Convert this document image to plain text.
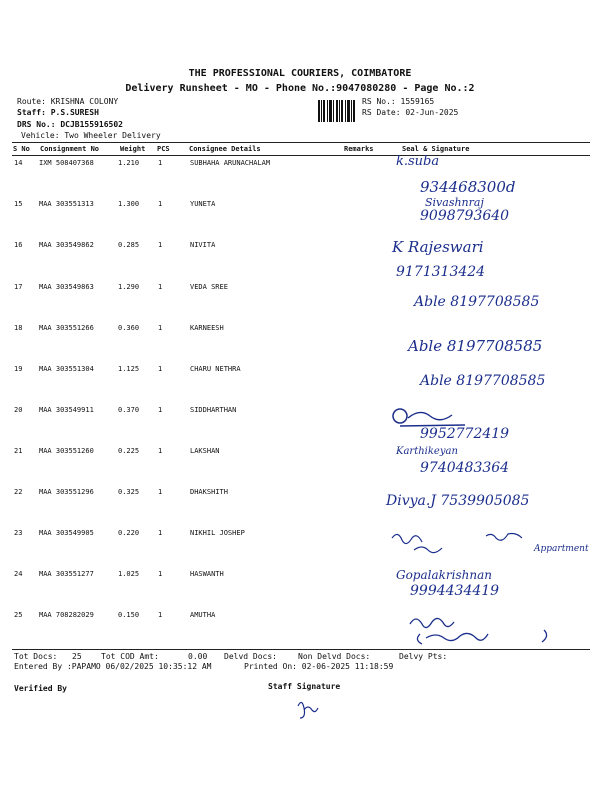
THE PROFESSIONAL COURIERS, COIMBATORE
Delivery Runsheet - MO - Phone No.:9047080280 - Page No.:2
Route: KRISHNA COLONY
Staff: P.S.SURESH
DRS No.: DCJB155916502
Vehicle: Two Wheeler Delivery
RS No.: 1559165
RS Date: 02-Jun-2025
S No Consignment No	Weight PCS	Consignee Details	Remarks	Seal & Signature
14 IXM 508407368	1.210	1	SUBHAHA ARUNACHALAM	k.suba
934468300d
15 MAA 303551313	1.300	1	YUNETA	Sivashnraj
9098793640
16 MAA 303549862	0.285	1	NIVITA	K Rajeswari
9171313424
17 MAA 303549863	1.290	1	VEDA SREE
Able 8197708585
18 MAA 303551266	0.360	1	KARNEESH
Able 8197708585
19 MAA 303551304	1.125	1	CHARU NETHRA
Able 8197708585
20 MAA 303549911	0.370	1	SIDDHARTHAN
9952772419
21 MAA 303551260	0.225	1	LAKSHAN	Karthikeyan
9740483364
22 MAA 303551296	0.325	1	DHAKSHITH
Divya.J 7539905085
23 MAA 303549905	0.220	1	NIKHIL JOSHEP
Appartment
24 MAA 303551277	1.025	1	HASWANTH	Gopalakrishnan
9994434419
25 MAA 708282029	0.150	1	AMUTHA
Tot Docs: 25 Tot COD Amt:	0.00 Delvd Docs:	Non Delvd Docs:	Delvy Pts:
Entered By :PAPAMO 06/02/2025 10:35:12 AM	Printed On: 02-06-2025 11:18:59
Verified By	Staff Signature
